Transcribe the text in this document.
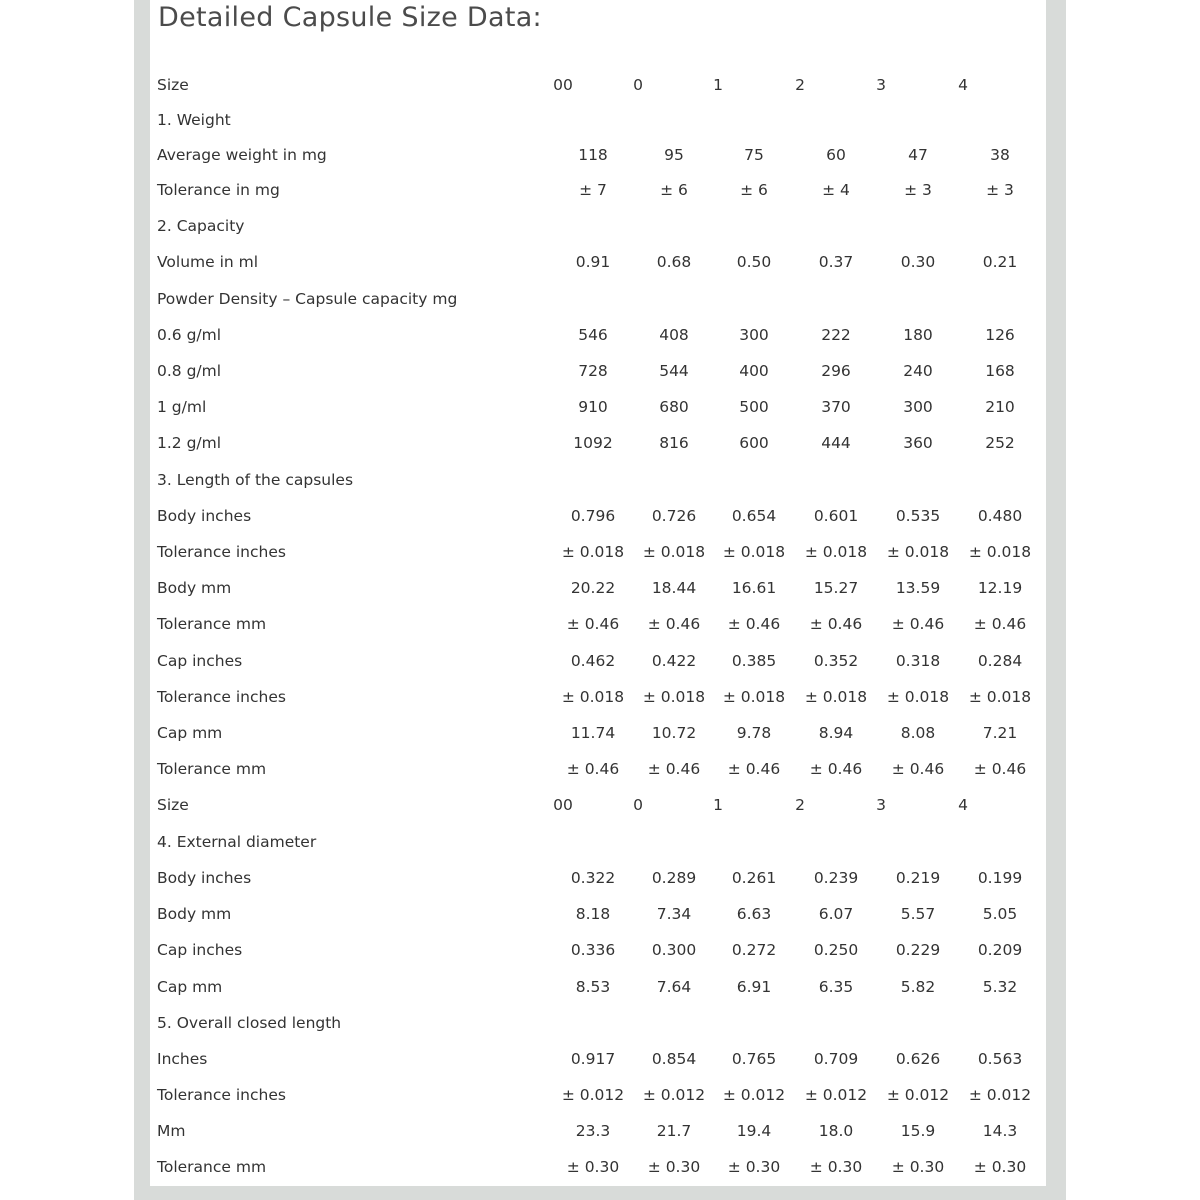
Detailed Capsule Size Data:
Size	00	0	1	2	3	4
1. Weight
Average weight in mg	118	95	75	60	47	38
Tolerance in mg	± 7	± 6	± 6	± 4	± 3	± 3
2. Capacity
Volume in ml	0.91	0.68	0.50	0.37	0.30	0.21
Powder Density – Capsule capacity mg
0.6 g/ml	546	408	300	222	180	126
0.8 g/ml	728	544	400	296	240	168
1 g/ml	910	680	500	370	300	210
1.2 g/ml	1092	816	600	444	360	252
3. Length of the capsules
Body inches	0.796	0.726	0.654	0.601	0.535	0.480
Tolerance inches	± 0.018	± 0.018	± 0.018	± 0.018	± 0.018	± 0.018
Body mm	20.22	18.44	16.61	15.27	13.59	12.19
Tolerance mm	± 0.46	± 0.46	± 0.46	± 0.46	± 0.46	± 0.46
Cap inches	0.462	0.422	0.385	0.352	0.318	0.284
Tolerance inches	± 0.018	± 0.018	± 0.018	± 0.018	± 0.018	± 0.018
Cap mm	11.74	10.72	9.78	8.94	8.08	7.21
Tolerance mm	± 0.46	± 0.46	± 0.46	± 0.46	± 0.46	± 0.46
Size	00	0	1	2	3	4
4. External diameter
Body inches	0.322	0.289	0.261	0.239	0.219	0.199
Body mm	8.18	7.34	6.63	6.07	5.57	5.05
Cap inches	0.336	0.300	0.272	0.250	0.229	0.209
Cap mm	8.53	7.64	6.91	6.35	5.82	5.32
5. Overall closed length
Inches	0.917	0.854	0.765	0.709	0.626	0.563
Tolerance inches	± 0.012	± 0.012	± 0.012	± 0.012	± 0.012	± 0.012
Mm	23.3	21.7	19.4	18.0	15.9	14.3
Tolerance mm	± 0.30	± 0.30	± 0.30	± 0.30	± 0.30	± 0.30
